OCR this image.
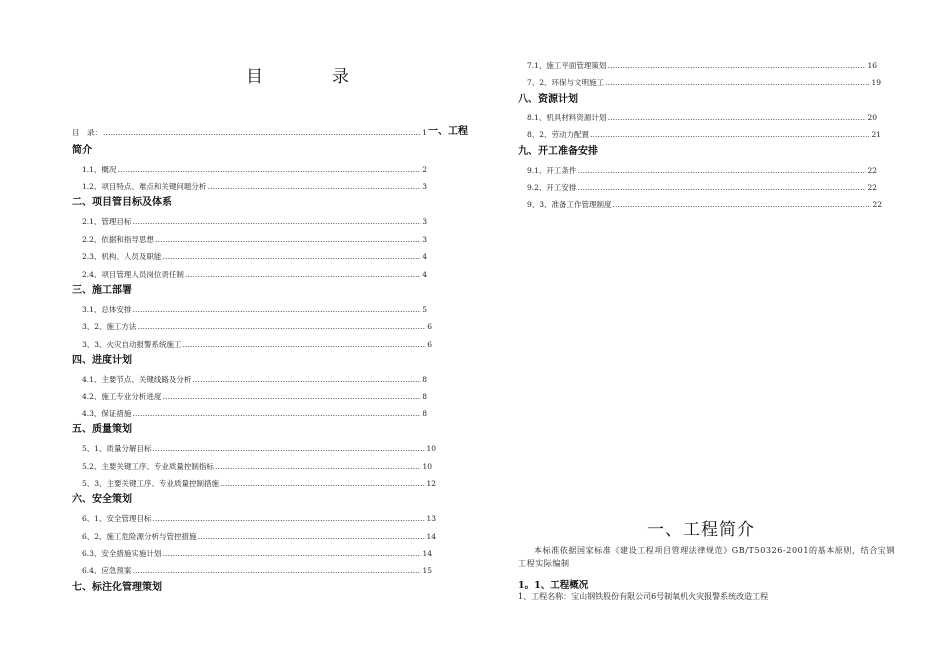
目　录
目　录： ……………………………………………………………………………………………………………………………………………………………………………………………………………………	1 一、工程
简介
1.1、概况 ……………………………………………………………………………………………………………………………………………………………………………………………………………………	2
1.2、项目特点、难点和关键问题分析 ……………………………………………………………………………………………………………………………………………………………………………………………………………………	3
二、项目管目标及体系
2.1、管理目标 ……………………………………………………………………………………………………………………………………………………………………………………………………………………	3
2.2、依据和指导思想 ……………………………………………………………………………………………………………………………………………………………………………………………………………………	3
2.3、机构、人员及职能 ……………………………………………………………………………………………………………………………………………………………………………………………………………………	4
2.4、项目管理人员岗位责任制 ……………………………………………………………………………………………………………………………………………………………………………………………………………………	4
三、施工部署
3.1、总体安排 ……………………………………………………………………………………………………………………………………………………………………………………………………………………	5
3、2、施工方法 ……………………………………………………………………………………………………………………………………………………………………………………………………………………	6
3、3、火灾自动报警系统施工 ……………………………………………………………………………………………………………………………………………………………………………………………………………………	6
四、进度计划
4.1、主要节点、关键线路及分析 ……………………………………………………………………………………………………………………………………………………………………………………………………………………	8
4.2、施工专业分析进度 ……………………………………………………………………………………………………………………………………………………………………………………………………………………	8
4.3、保证措施 ……………………………………………………………………………………………………………………………………………………………………………………………………………………	8
五、质量策划
5、1、质量分解目标 ……………………………………………………………………………………………………………………………………………………………………………………………………………………	10
5.2、主要关键工序、专业质量控制指标 ……………………………………………………………………………………………………………………………………………………………………………………………………………………	10
5、3、主要关键工序、专业质量控制措施 ……………………………………………………………………………………………………………………………………………………………………………………………………………………	12
六、安全策划
6、1、安全管理目标 ……………………………………………………………………………………………………………………………………………………………………………………………………………………	13
6、2、施工危险源分析与管控措施 ……………………………………………………………………………………………………………………………………………………………………………………………………………………	14
6.3、安全措施实施计划 ……………………………………………………………………………………………………………………………………………………………………………………………………………………	14
6.4、应急预案 ……………………………………………………………………………………………………………………………………………………………………………………………………………………	15
七、标注化管理策划
7.1、施工平面管理策划 ……………………………………………………………………………………………………………………………………………………………………………………………………………………	16
7、2、环保与文明施工 ……………………………………………………………………………………………………………………………………………………………………………………………………………………	19
八、资源计划
8.1、机具材料资源计划 ……………………………………………………………………………………………………………………………………………………………………………………………………………………	20
8、2、劳动力配置 ……………………………………………………………………………………………………………………………………………………………………………………………………………………	21
九、开工准备安排
9.1、开工条件 ……………………………………………………………………………………………………………………………………………………………………………………………………………………	22
9.2、开工安排 ……………………………………………………………………………………………………………………………………………………………………………………………………………………	22
9、3、准备工作管理制度 ……………………………………………………………………………………………………………………………………………………………………………………………………………………	22
一、工程简介
本标准依据国家标准《建设工程项目管理法律规范》GB/T50326-2001的基本原则，结合宝钢工程实际编制
1。1、工程概况
1、工程名称：宝山钢铁股份有限公司6号制氧机火灾报警系统改造工程
